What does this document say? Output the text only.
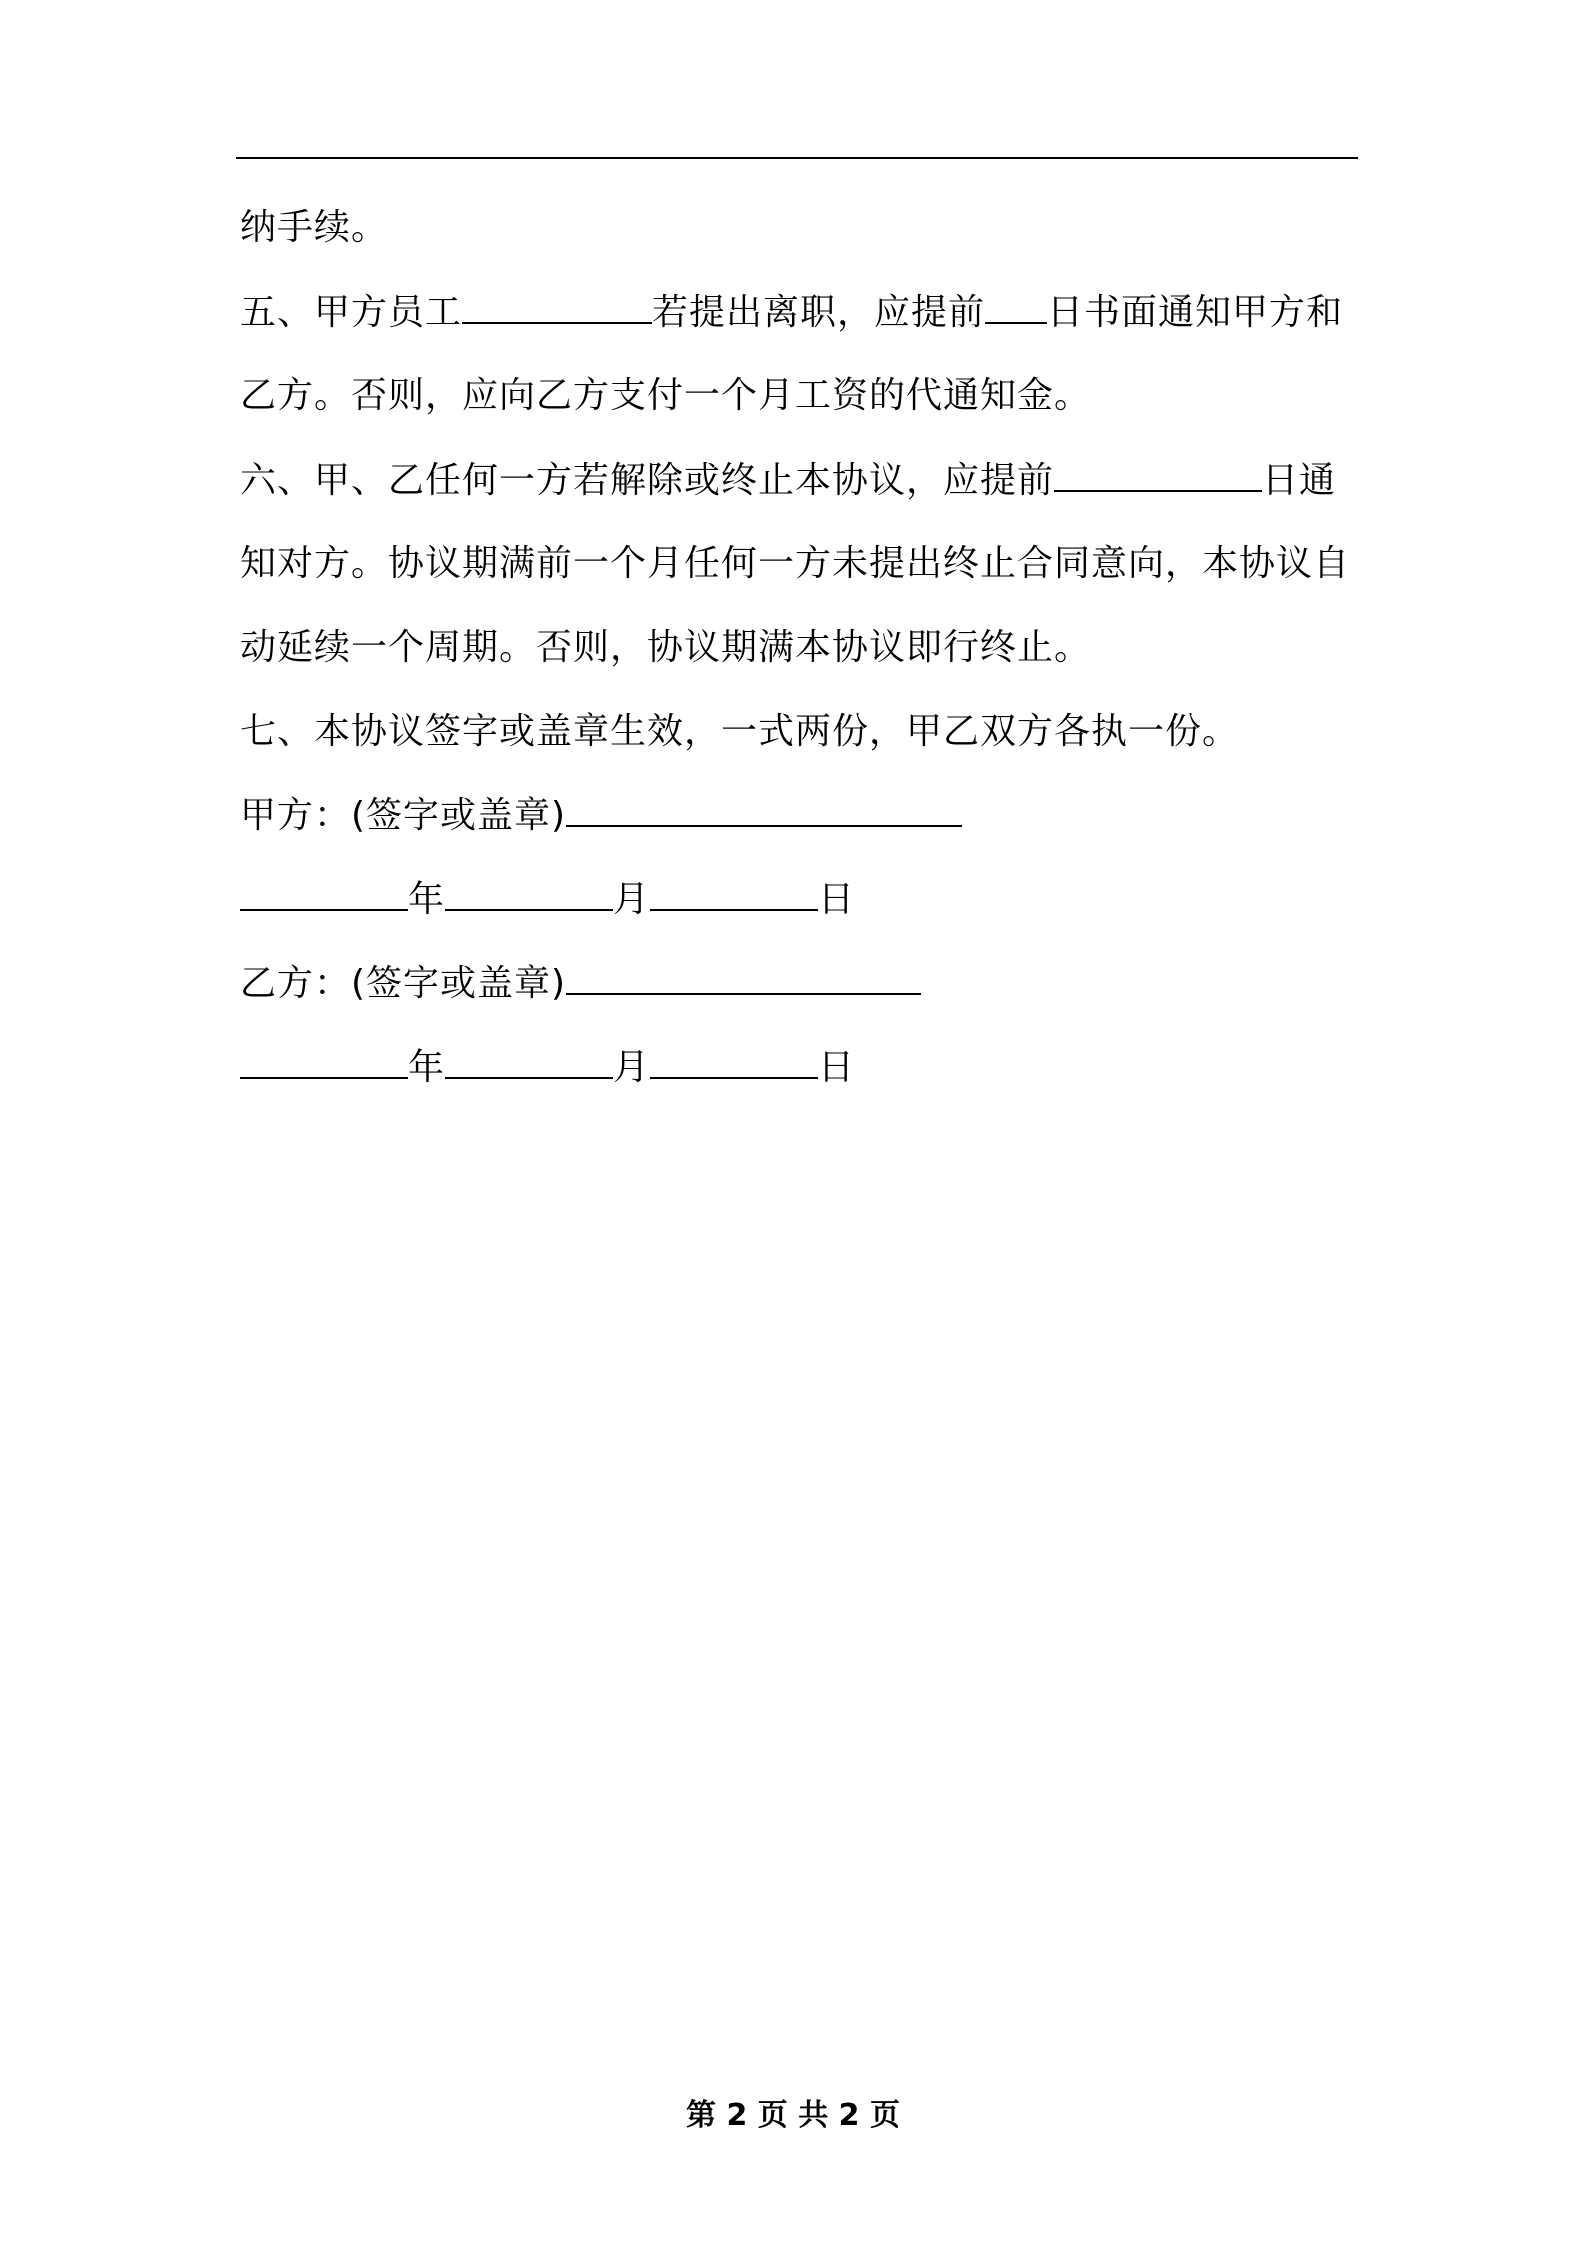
纳手续。
五、甲方员工	若提出离职，应提前 日书面通知甲方和
乙方。否则，应向乙方支付一个月工资的代通知金。
六、甲、乙任何一方若解除或终止本协议，应提前	日通
知对方。协议期满前一个月任何一方未提出终止合同意向，本协议自
动延续一个周期。否则，协议期满本协议即行终止。
七、本协议签字或盖章生效，一式两份，甲乙双方各执一份。
甲方：(签字或盖章)
年	月	日
乙方：(签字或盖章)
年	月	日
第 2 页 共 2 页
